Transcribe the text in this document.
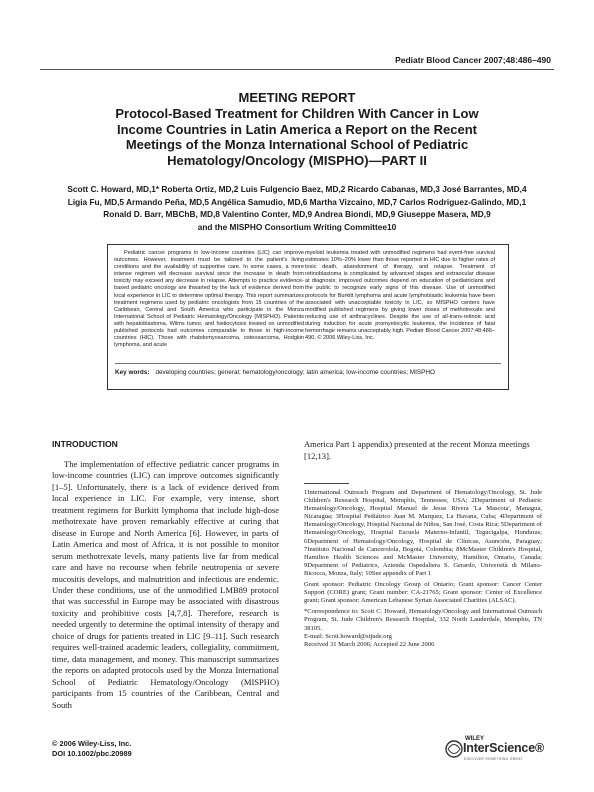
Pediatr Blood Cancer 2007;48:486–490
MEETING REPORT
Protocol-Based Treatment for Children With Cancer in Low
Income Countries in Latin America a Report on the Recent
Meetings of the Monza International School of Pediatric
Hematology/Oncology (MISPHO)—PART II
Scott C. Howard, MD,1* Roberta Ortiz, MD,2 Luis Fulgencio Baez, MD,2 Ricardo Cabanas, MD,3 José Barrantes, MD,4
Ligia Fu, MD,5 Armando Peña, MD,5 Angélica Samudio, MD,6 Martha Vizcaino, MD,7 Carlos Rodriguez-Galindo, MD,1
Ronald D. Barr, MBChB, MD,8 Valentino Conter, MD,9 Andrea Biondi, MD,9 Giuseppe Masera, MD,9
and the MISPHO Consortium Writing Committee10

Pediatric cancer programs in low-income countries (LIC) can improve outcomes. However, treatment must be tailored to the patient's living conditions and the availability of supportive care. In some cases, a more intense regimen will decrease survival since the increase in death from toxicity may exceed any decrease in relapse. Attempts to practice evidence-based pediatric oncology are thwarted by the lack of evidence derived from local experience in LIC to determine optimal therapy. This report summarizes treatment regimens used by pediatric oncologists from 15 countries of the Caribbean, Central and South America who participate in the Monza International School of Pediatric Hematology/Oncology (MISPHO). Patients with hepatoblastoma, Wilms tumor, and histiocytosis treated on unmodified published protocols had outcomes comparable to those in high-income countries (HIC). Those with rhabdomyosarcoma, osteosarcoma, Hodgkin lymphoma, and acute

myeloid leukemia treated with unmodified regimens had event-free survival estimates 10%–20% lower than those reported in HIC due to higher rates of toxic death, abandonment of therapy, and relapse. Treatment of retinoblastoma is complicated by advanced stages and extraocular disease at diagnosis; improved outcomes depend on education of pediatricians and the public to recognize early signs of this disease. Use of unmodified protocols for Burkitt lymphoma and acute lymphoblastic leukemia have been associated with unacceptable toxicity in LIC, so MISPHO centers have modified published regimens by giving lower doses of methotrexate and reducing use of anthracyclines. Despite the use of all-trans-retinoic acid during induction for acute promyelocytic leukemia, the incidence of fatal hemorrhage remains unacceptably high. Pediatr Blood Cancer 2007;48:486–490. © 2006 Wiley-Liss, Inc.

Key words: developing countries; general; hematology/oncology; latin america; low-income countries; MISPHO
INTRODUCTION

The implementation of effective pediatric cancer programs in low-income countries (LIC) can improve outcomes significantly [1–5]. Unfortunately, there is a lack of evidence derived from local experience in LIC. For example, very intense, short treatment regimens for Burkitt lymphoma that include high-dose methotrexate have proven remarkably effective at curing that disease in Europe and North America [6]. However, in parts of Latin America and most of Africa, it is not possible to monitor serum methotrexate levels, many patients live far from medical care and have no recourse when febrile neutropenia or severe mucositis develops, and malnutrition and infectious are endemic. Under these conditions, use of the unmodified LMB89 protocol that was successful in Europe may be associated with disastrous toxicity and prohibitive costs [4,7,8]. Therefore, research is needed urgently to determine the optimal intensity of therapy and choice of drugs for patients treated in LIC [9–11]. Such research requires well-trained academic leaders, collegiality, commitment, time, data management, and money. This manuscript summarizes the reports on adapted protocols used by the Monza International School of Pediatric Hematology/Oncology (MISPHO) participants from 15 countries of the Caribbean, Central and South

America Part 1 appendix) presented at the recent Monza meetings [12,13].

1International Outreach Program and Department of Hematology/Oncology, St. Jude Children's Research Hospital, Memphis, Tennessee, USA; 2Department of Pediatric Hematology/Oncology, Hospital Manuel de Jesus Rivera 'La Mascota', Managua, Nicaragua; 3Hospital Pediátrico Juan M. Marquez, La Havana, Cuba; 4Department of Hematology/Oncology, Hospital Nacional de Niños, San José, Costa Rica; 5Department of Hematology/Oncology, Hospital Escuela Materno-Infantil, Tegucigalpa, Honduras; 6Department of Hematology/Oncology, Hospital de Clínicas, Asunción, Paraguay; 7Instituto Nacional de Cancerolola, Bogotá, Colombia; 8McMaster Children's Hospital, Hamilton Health Sciences and McMaster University, Hamilton, Ontario, Canada; 9Department of Pediatrics, Azienda Ospedaliera S. Gerardo, Università di Milano-Bicocca, Monza, Italy; 10See appendix of Part 1

Grant sponsor: Pediatric Oncology Group of Ontario; Grant sponsor: Cancer Center Support (CORE) grant; Grant number: CA-21765; Grant sponsor: Center of Excellence grant; Grant sponsor: American Lebanese Syrian Associated Charities (ALSAC).

*Correspondence to: Scott C. Howard, Hematology/Oncology and International Outreach Program, St. Jude Children's Research Hospital, 332 North Lauderdale, Memphis, TN 38105.

E-mail: Scott.howard@stjude.org

Received 31 March 2006; Accepted 22 June 2006

© 2006 Wiley-Liss, Inc.
DOI 10.1002/pbc.20989
WILEY
InterScience®
DISCOVER SOMETHING GREAT
